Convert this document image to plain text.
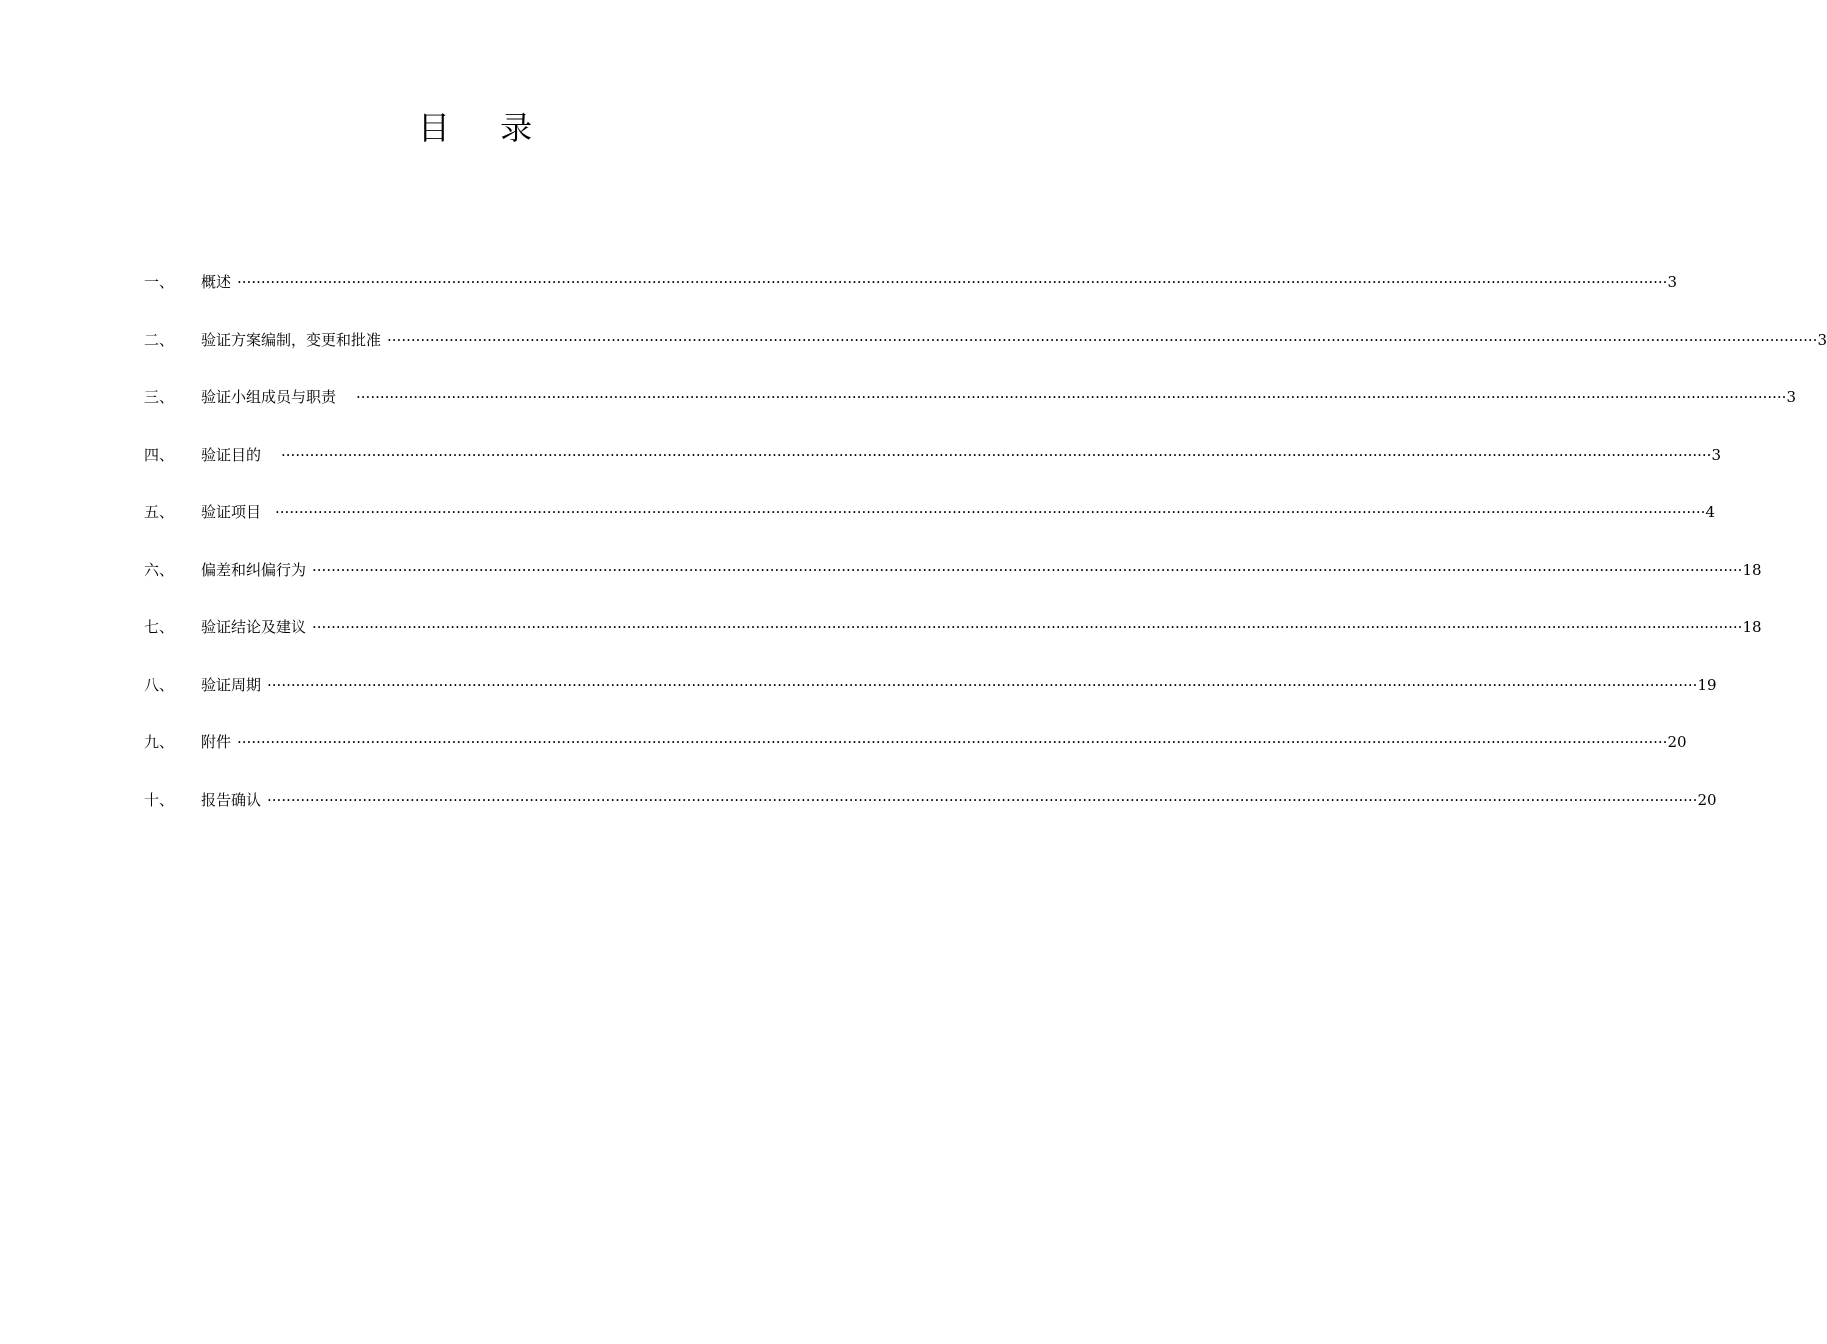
目 录
一、	概述 ············································································································································································································································································································ 3
二、	验证方案编制，变更和批准 ············································································································································································································································································································ 3
三、	验证小组成员与职责 ············································································································································································································································································································ 3
四、	验证目的 ············································································································································································································································································································ 3
五、	验证项目 ············································································································································································································································································································ 4
六、	偏差和纠偏行为 ············································································································································································································································································································ 18
七、	验证结论及建议 ············································································································································································································································································································ 18
八、	验证周期 ············································································································································································································································································································ 19
九、	附件 ············································································································································································································································································································ 20
十、	报告确认 ············································································································································································································································································································ 20
